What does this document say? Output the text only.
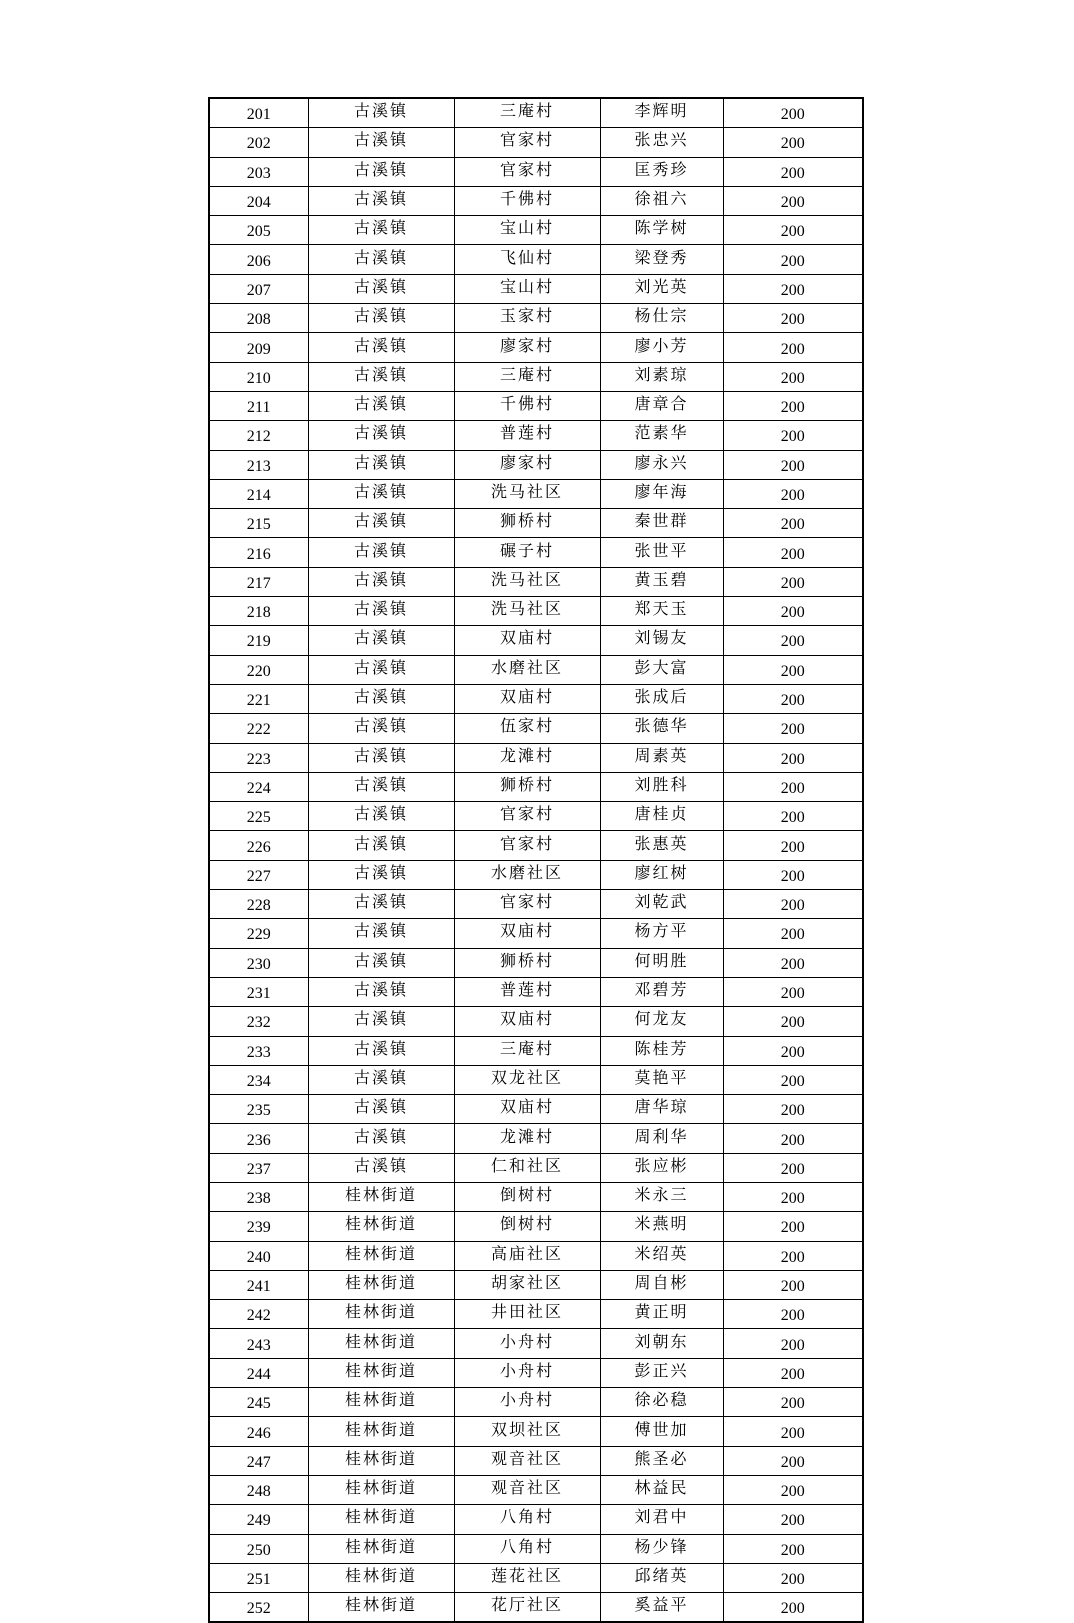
201	古溪镇	三庵村	李辉明	200
202	古溪镇	官家村	张忠兴	200
203	古溪镇	官家村	匡秀珍	200
204	古溪镇	千佛村	徐祖六	200
205	古溪镇	宝山村	陈学树	200
206	古溪镇	飞仙村	梁登秀	200
207	古溪镇	宝山村	刘光英	200
208	古溪镇	玉家村	杨仕宗	200
209	古溪镇	廖家村	廖小芳	200
210	古溪镇	三庵村	刘素琼	200
211	古溪镇	千佛村	唐章合	200
212	古溪镇	普莲村	范素华	200
213	古溪镇	廖家村	廖永兴	200
214	古溪镇	洗马社区	廖年海	200
215	古溪镇	狮桥村	秦世群	200
216	古溪镇	碾子村	张世平	200
217	古溪镇	洗马社区	黄玉碧	200
218	古溪镇	洗马社区	郑天玉	200
219	古溪镇	双庙村	刘锡友	200
220	古溪镇	水磨社区	彭大富	200
221	古溪镇	双庙村	张成后	200
222	古溪镇	伍家村	张德华	200
223	古溪镇	龙滩村	周素英	200
224	古溪镇	狮桥村	刘胜科	200
225	古溪镇	官家村	唐桂贞	200
226	古溪镇	官家村	张惠英	200
227	古溪镇	水磨社区	廖红树	200
228	古溪镇	官家村	刘乾武	200
229	古溪镇	双庙村	杨方平	200
230	古溪镇	狮桥村	何明胜	200
231	古溪镇	普莲村	邓碧芳	200
232	古溪镇	双庙村	何龙友	200
233	古溪镇	三庵村	陈桂芳	200
234	古溪镇	双龙社区	莫艳平	200
235	古溪镇	双庙村	唐华琼	200
236	古溪镇	龙滩村	周利华	200
237	古溪镇	仁和社区	张应彬	200
238	桂林街道	倒树村	米永三	200
239	桂林街道	倒树村	米燕明	200
240	桂林街道	高庙社区	米绍英	200
241	桂林街道	胡家社区	周自彬	200
242	桂林街道	井田社区	黄正明	200
243	桂林街道	小舟村	刘朝东	200
244	桂林街道	小舟村	彭正兴	200
245	桂林街道	小舟村	徐必稳	200
246	桂林街道	双坝社区	傅世加	200
247	桂林街道	观音社区	熊圣必	200
248	桂林街道	观音社区	林益民	200
249	桂林街道	八角村	刘君中	200
250	桂林街道	八角村	杨少锋	200
251	桂林街道	莲花社区	邱绪英	200
252	桂林街道	花厅社区	奚益平	200
